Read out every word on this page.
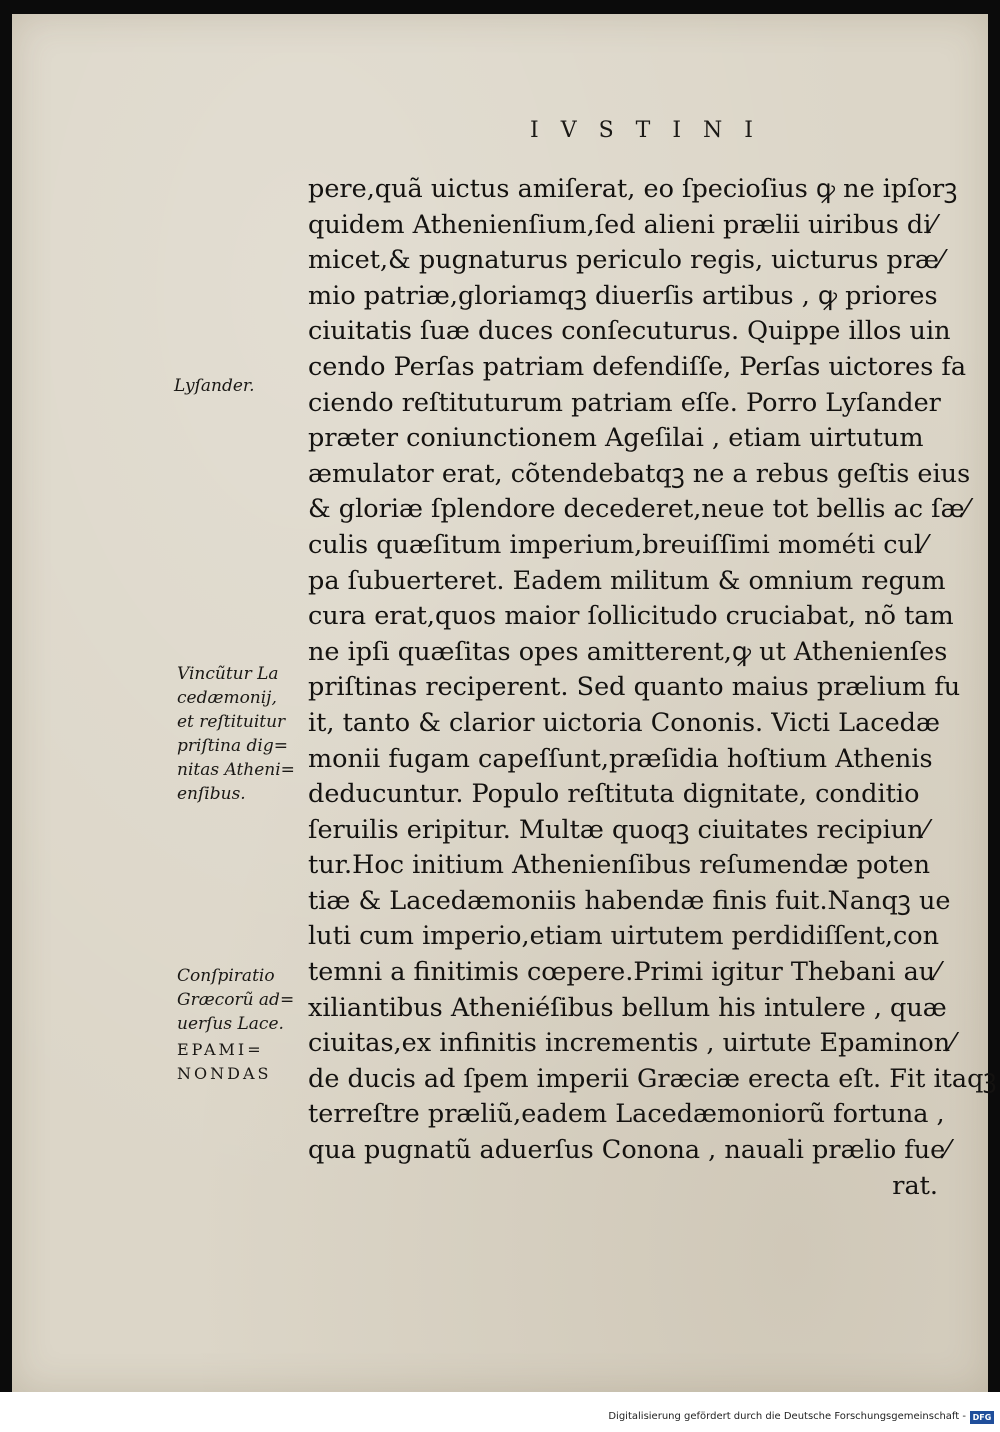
IVSTINI
pere,quã uictus amiſerat, eo ſpecioſius ꝙ ne ipſorꝫ
quidem Athenienſium,ſed alieni prælii uiribus di⁄
micet,& pugnaturus periculo regis, uicturus præ⁄
mio patriæ,gloriamqꝫ diuerſis artibus , ꝙ priores
ciuitatis ſuæ duces conſecuturus. Quippe illos uin
cendo Perſas patriam defendiſſe, Perſas uictores fa
ciendo reſtituturum patriam eſſe. Porro Lyſander
præter coniunctionem Ageſilai , etiam uirtutum
æmulator erat, cõtendebatqꝫ ne a rebus geſtis eius
& gloriæ ſplendore decederet,neue tot bellis ac ſæ⁄
culis quæſitum imperium,breuiſſimi mométi cul⁄
pa ſubuerteret. Eadem militum & omnium regum
cura erat,quos maior ſollicitudo cruciabat, nõ tam
ne ipſi quæſitas opes amitterent,ꝙ ut Athenienſes
priſtinas reciperent. Sed quanto maius prælium fu
it, tanto & clarior uictoria Cononis. Victi Lacedæ
monii fugam capeſſunt,præſidia hoſtium Athenis
deducuntur. Populo reſtituta dignitate, conditio
ſeruilis eripitur. Multæ quoqꝫ ciuitates recipiun⁄
tur.Hoc initium Athenienſibus reſumendæ poten
tiæ & Lacedæmoniis habendæ finis fuit.Nanqꝫ ue
luti cum imperio,etiam uirtutem perdidiſſent,con
temni a finitimis cœpere.Primi igitur Thebani au⁄
xiliantibus Atheniéſibus bellum his intulere , quæ
ciuitas,ex infinitis incrementis , uirtute Epaminon⁄
de ducis ad ſpem imperii Græciæ erecta eſt. Fit itaqꝫ
terreſtre præliũ,eadem Lacedæmoniorũ fortuna ,
qua pugnatũ aduerſus Conona , nauali prælio fue⁄
rat.
Lyſander.
Vincũtur La
cedæmonij,
et reſtituitur
priſtina dig=
nitas Atheni=
enſibus.
Conſpiratio
Græcorũ ad=
uerſus Lace.
EPAMI=
NONDAS
Digitalisierung gefördert durch die Deutsche Forschungsgemeinschaft - DFG
